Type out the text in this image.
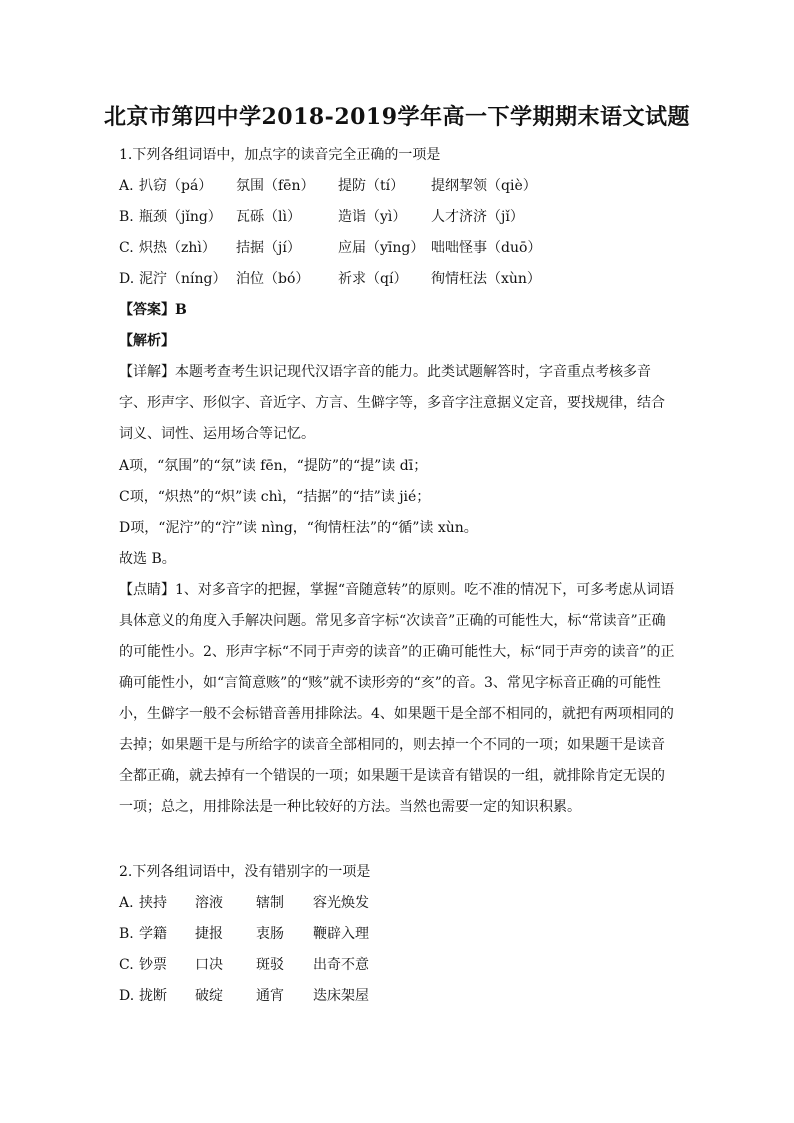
北京市第四中学2018-2019学年高一下学期期末语文试题
1.下列各组词语中，加点字的读音完全正确的一项是
A. 扒窃（pá） 氛围（fēn） 提防（tí） 提纲挈领（qiè）
B. 瓶颈（jǐng） 瓦砾（lì）	造诣（yì） 人才济济（jǐ）
C. 炽热（zhì） 拮据（jí）	应届（yīng） 咄咄怪事（duō）
D. 泥泞（níng） 泊位（bó） 祈求（qí） 徇情枉法（xùn）
【答案】B
【解析】
【详解】本题考查考生识记现代汉语字音的能力。此类试题解答时，字音重点考核多音字、形声字、形似字、音近字、方言、生僻字等，多音字注意据义定音，要找规律，结合词义、词性、运用场合等记忆。
A项，“氛围”的“氛”读 fēn，“提防”的“提”读 dī；
C项，“炽热”的“炽”读 chì，“拮据”的“拮”读 jié；
D项，“泥泞”的“泞”读 nìng，“徇情枉法”的“循”读 xùn。
故选 B。
【点睛】1、对多音字的把握，掌握“音随意转”的原则。吃不准的情况下，可多考虑从词语具体意义的角度入手解决问题。常见多音字标“次读音”正确的可能性大，标“常读音”正确的可能性小。2、形声字标“不同于声旁的读音”的正确可能性大，标“同于声旁的读音”的正确可能性小，如“言简意赅”的“赅”就不读形旁的“亥”的音。3、常见字标音正确的可能性小，生僻字一般不会标错音善用排除法。4、如果题干是全部不相同的，就把有两项相同的去掉；如果题干是与所给字的读音全部相同的，则去掉一个不同的一项；如果题干是读音全都正确，就去掉有一个错误的一项；如果题干是读音有错误的一组，就排除肯定无误的一项；总之，用排除法是一种比较好的方法。当然也需要一定的知识积累。
2.下列各组词语中，没有错别字的一项是
A. 挟持 溶液 辖制 容光焕发
B. 学籍 捷报 衷肠 鞭辟入理
C. 钞票 口决 斑驳 出奇不意
D. 拢断 破绽 通宵 迭床架屋
